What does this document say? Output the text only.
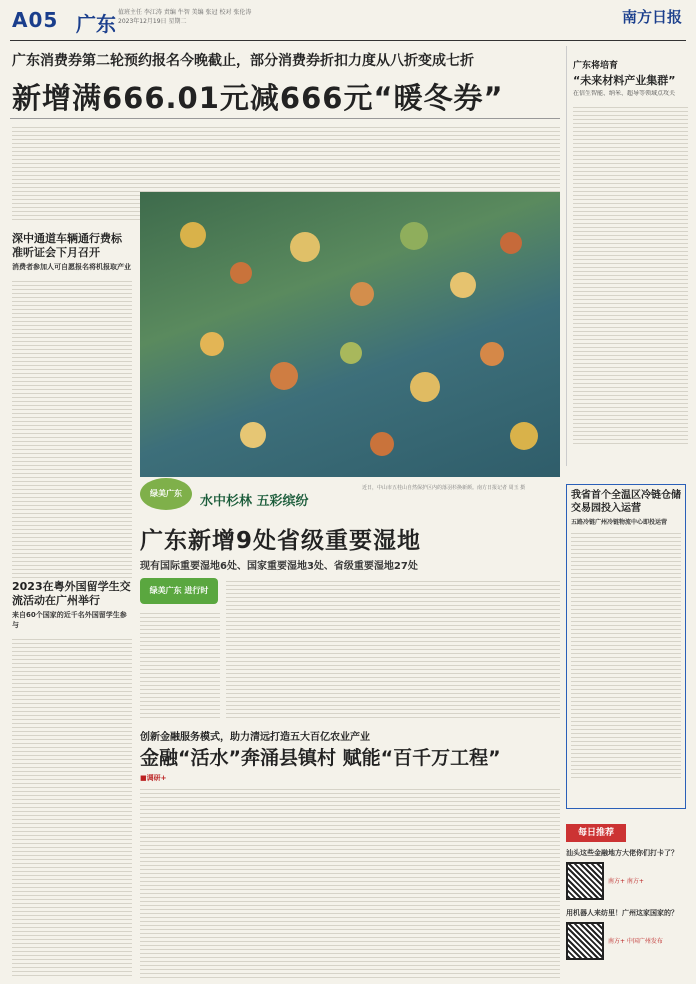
A05 广东 值班主任 李江涛 责编 牛智 美编 张冠 校对 张伦涛
2023年12月19日 星期二	南方日报
广东消费券第二轮预约报名今晚截止，部分消费券折扣力度从八折变成七折
新增满666.01元减666元“暖冬券”
广东将培育
“未来材料产业集群”
在信生智能、纳米、超导等领域点攻关
深中通道车辆通行费标准听证会下月召开
消费者参加人可自愿报名将机报取产业
2023在粤外国留学生交流活动在广州举行
来自60个国家的近千名外国留学生参与
绿美广东
水中杉林 五彩缤纷
近日，中山市五桂山自然保护区内的落羽杉换新颜。南方日报记者 周玉 摄
广东新增9处省级重要湿地
现有国际重要湿地6处、国家重要湿地3处、省级重要湿地27处
绿美广东 进行时
创新金融服务模式，助力清远打造五大百亿农业产业
金融“活水”奔涌县镇村 赋能“百千万工程”
■调研+
我省首个全温区冷链仓储交易园投入运营
五路冷链广州冷链物流中心即投运营
每日推荐
汕头这些金融地方大佬你们打卡了？
南方+ 南方+
用机器人来纺里！广州这家国家的？
南方+ 中国广州发布
